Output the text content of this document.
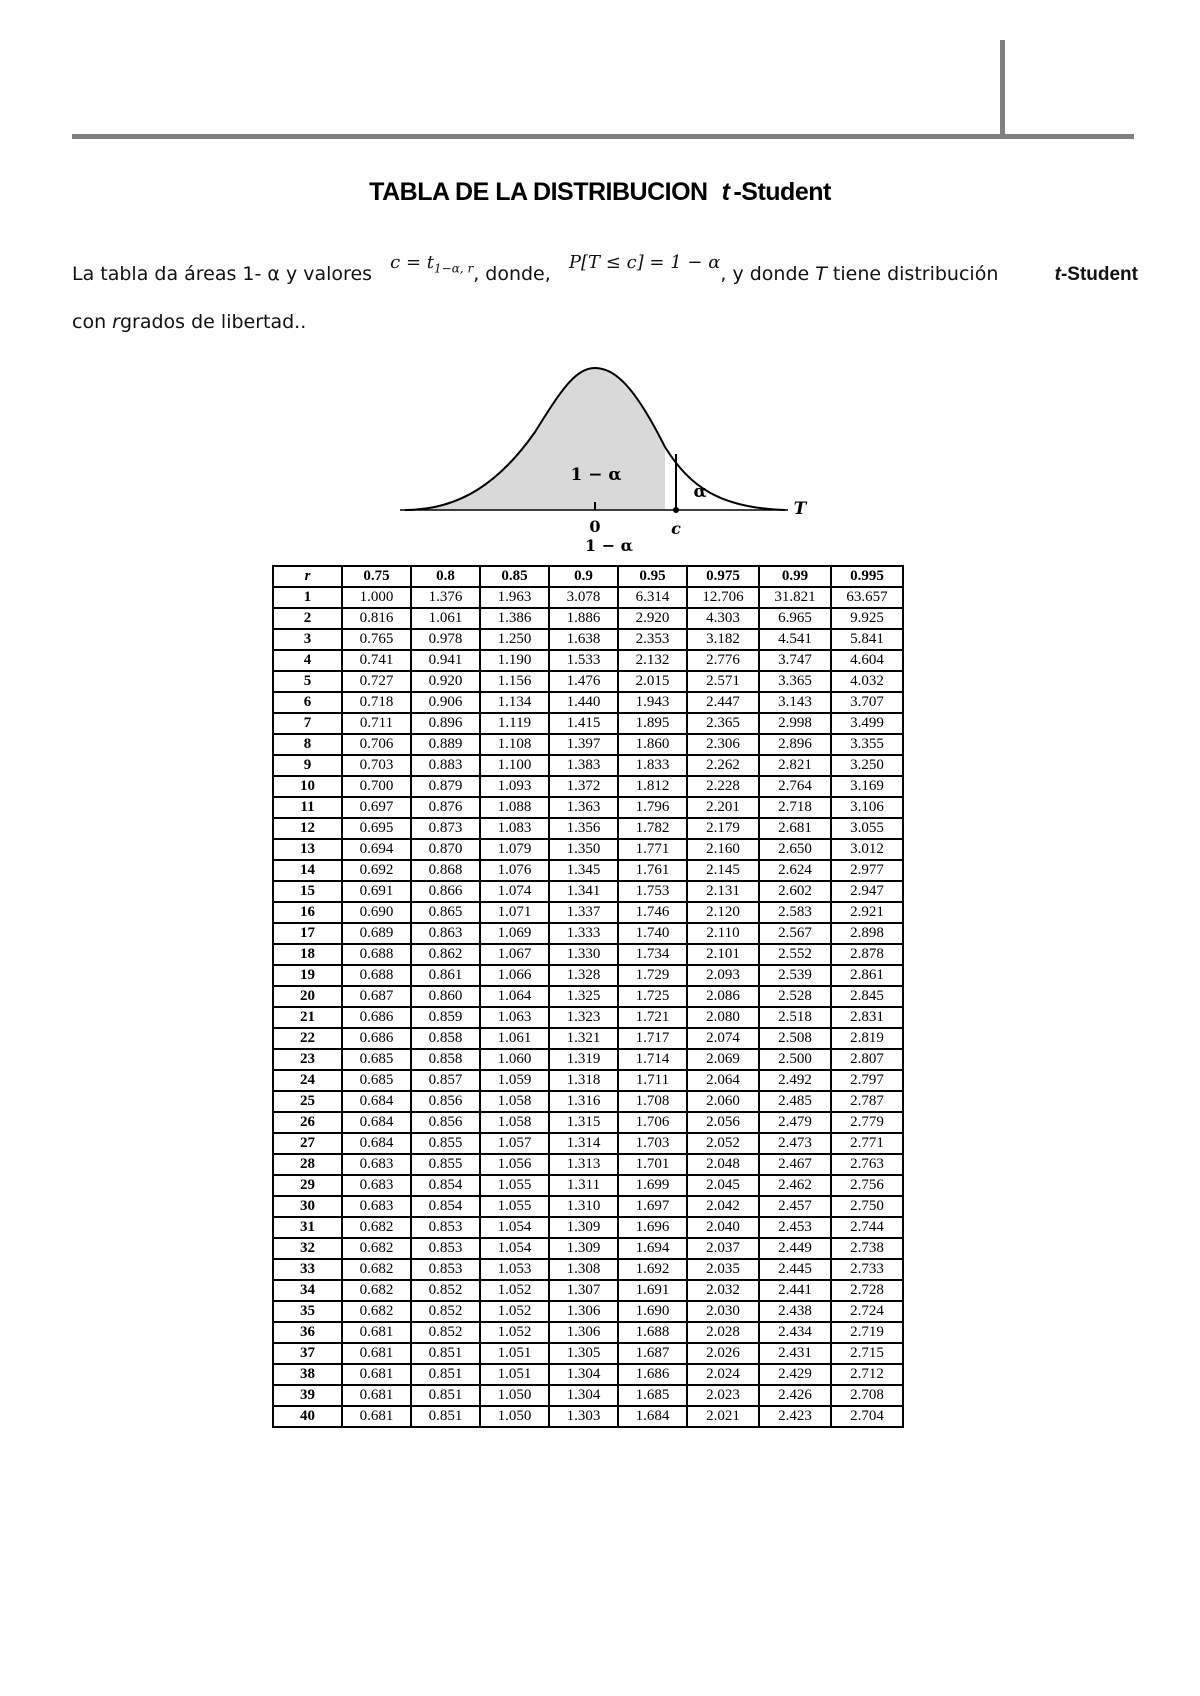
TABLA DE LA DISTRIBUCION t -Student
La tabla da áreas 1- α y valores   $c = t_{1-\alpha, r}$, donde,   P[T ≤ c] = 1 − α, y donde T tiene distribución	t-Student

con rgrados de libertad..
1 − α
α
0	c
T
1 − α
r	0.75	0.8	0.85	0.9	0.95	0.975	0.99	0.995
1	1.000	1.376	1.963	3.078	6.314	12.706	31.821	63.657
2	0.816	1.061	1.386	1.886	2.920	4.303	6.965	9.925
3	0.765	0.978	1.250	1.638	2.353	3.182	4.541	5.841
4	0.741	0.941	1.190	1.533	2.132	2.776	3.747	4.604
5	0.727	0.920	1.156	1.476	2.015	2.571	3.365	4.032
6	0.718	0.906	1.134	1.440	1.943	2.447	3.143	3.707
7	0.711	0.896	1.119	1.415	1.895	2.365	2.998	3.499
8	0.706	0.889	1.108	1.397	1.860	2.306	2.896	3.355
9	0.703	0.883	1.100	1.383	1.833	2.262	2.821	3.250
10	0.700	0.879	1.093	1.372	1.812	2.228	2.764	3.169
11	0.697	0.876	1.088	1.363	1.796	2.201	2.718	3.106
12	0.695	0.873	1.083	1.356	1.782	2.179	2.681	3.055
13	0.694	0.870	1.079	1.350	1.771	2.160	2.650	3.012
14	0.692	0.868	1.076	1.345	1.761	2.145	2.624	2.977
15	0.691	0.866	1.074	1.341	1.753	2.131	2.602	2.947
16	0.690	0.865	1.071	1.337	1.746	2.120	2.583	2.921
17	0.689	0.863	1.069	1.333	1.740	2.110	2.567	2.898
18	0.688	0.862	1.067	1.330	1.734	2.101	2.552	2.878
19	0.688	0.861	1.066	1.328	1.729	2.093	2.539	2.861
20	0.687	0.860	1.064	1.325	1.725	2.086	2.528	2.845
21	0.686	0.859	1.063	1.323	1.721	2.080	2.518	2.831
22	0.686	0.858	1.061	1.321	1.717	2.074	2.508	2.819
23	0.685	0.858	1.060	1.319	1.714	2.069	2.500	2.807
24	0.685	0.857	1.059	1.318	1.711	2.064	2.492	2.797
25	0.684	0.856	1.058	1.316	1.708	2.060	2.485	2.787
26	0.684	0.856	1.058	1.315	1.706	2.056	2.479	2.779
27	0.684	0.855	1.057	1.314	1.703	2.052	2.473	2.771
28	0.683	0.855	1.056	1.313	1.701	2.048	2.467	2.763
29	0.683	0.854	1.055	1.311	1.699	2.045	2.462	2.756
30	0.683	0.854	1.055	1.310	1.697	2.042	2.457	2.750
31	0.682	0.853	1.054	1.309	1.696	2.040	2.453	2.744
32	0.682	0.853	1.054	1.309	1.694	2.037	2.449	2.738
33	0.682	0.853	1.053	1.308	1.692	2.035	2.445	2.733
34	0.682	0.852	1.052	1.307	1.691	2.032	2.441	2.728
35	0.682	0.852	1.052	1.306	1.690	2.030	2.438	2.724
36	0.681	0.852	1.052	1.306	1.688	2.028	2.434	2.719
37	0.681	0.851	1.051	1.305	1.687	2.026	2.431	2.715
38	0.681	0.851	1.051	1.304	1.686	2.024	2.429	2.712
39	0.681	0.851	1.050	1.304	1.685	2.023	2.426	2.708
40	0.681	0.851	1.050	1.303	1.684	2.021	2.423	2.704
